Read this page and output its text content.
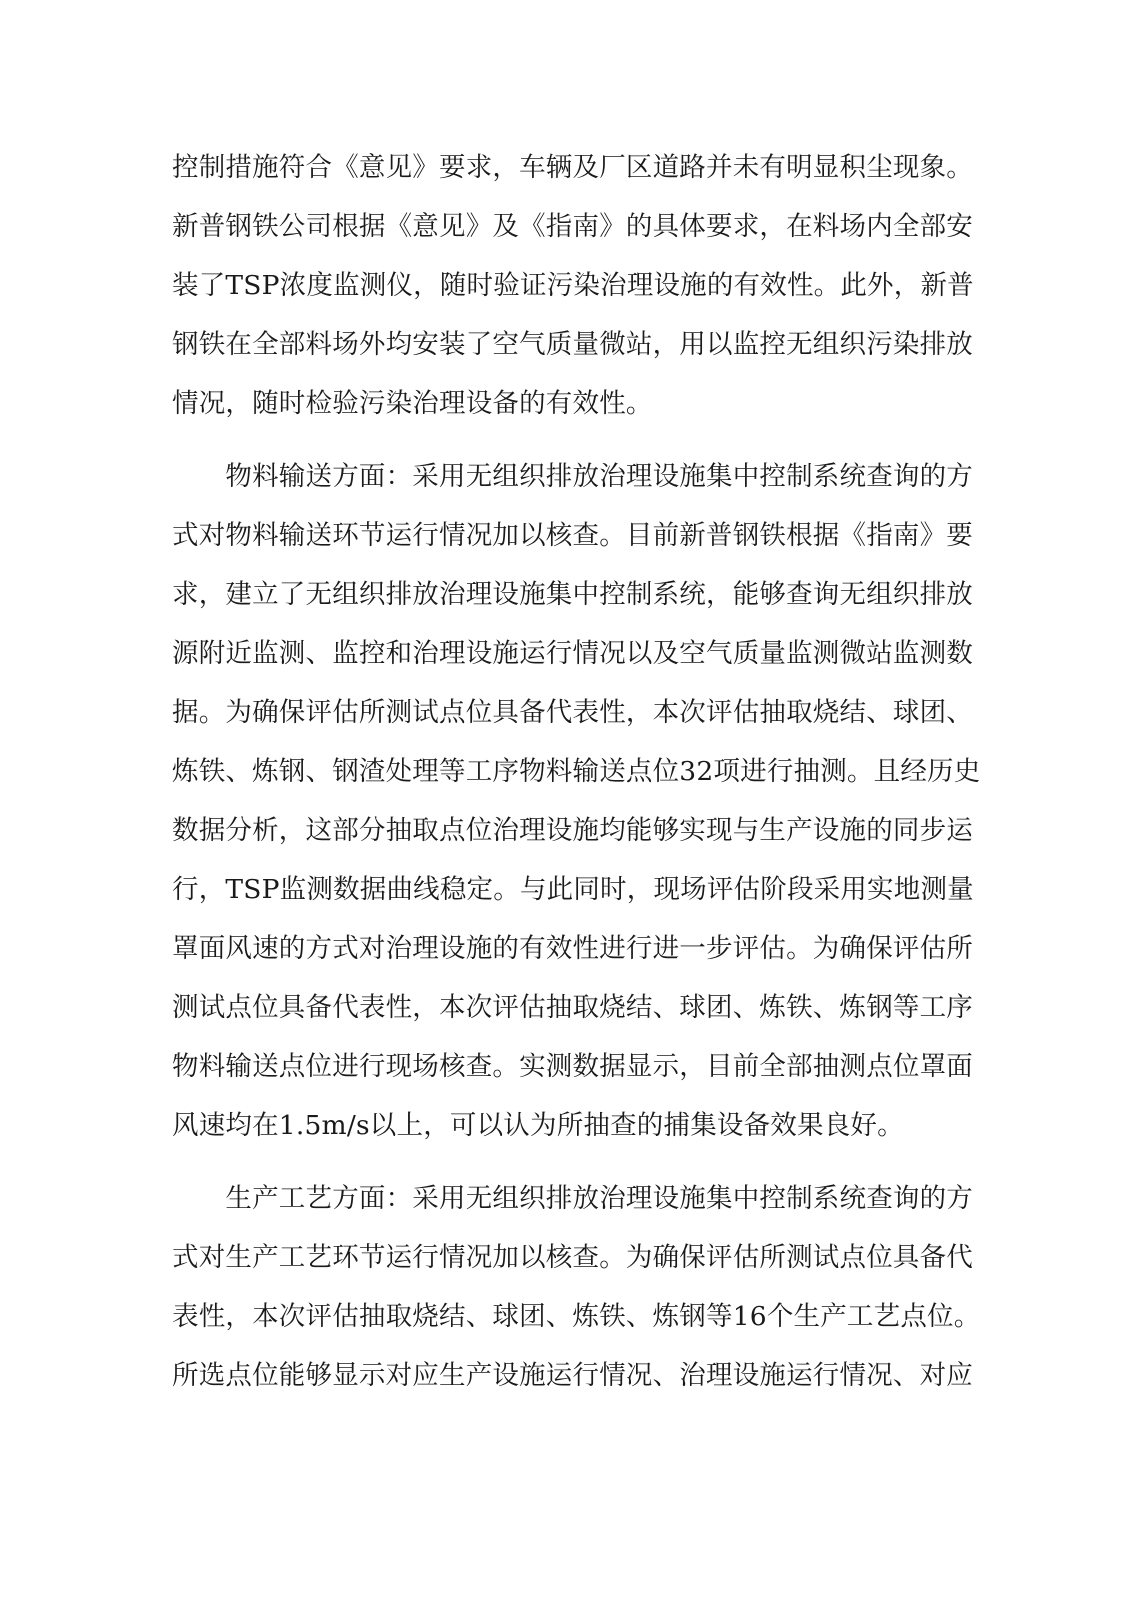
控制措施符合《意见》要求，车辆及厂区道路并未有明显积尘现象。
新普钢铁公司根据《意见》及《指南》的具体要求，在料场内全部安
装了TSP浓度监测仪，随时验证污染治理设施的有效性。此外，新普
钢铁在全部料场外均安装了空气质量微站，用以监控无组织污染排放
情况，随时检验污染治理设备的有效性。
　　物料输送方面：采用无组织排放治理设施集中控制系统查询的方
式对物料输送环节运行情况加以核查。目前新普钢铁根据《指南》要
求，建立了无组织排放治理设施集中控制系统，能够查询无组织排放
源附近监测、监控和治理设施运行情况以及空气质量监测微站监测数
据。为确保评估所测试点位具备代表性，本次评估抽取烧结、球团、
炼铁、炼钢、钢渣处理等工序物料输送点位32项进行抽测。且经历史
数据分析，这部分抽取点位治理设施均能够实现与生产设施的同步运
行，TSP监测数据曲线稳定。与此同时，现场评估阶段采用实地测量
罩面风速的方式对治理设施的有效性进行进一步评估。为确保评估所
测试点位具备代表性，本次评估抽取烧结、球团、炼铁、炼钢等工序
物料输送点位进行现场核查。实测数据显示，目前全部抽测点位罩面
风速均在1.5m/s以上，可以认为所抽查的捕集设备效果良好。
　　生产工艺方面：采用无组织排放治理设施集中控制系统查询的方
式对生产工艺环节运行情况加以核查。为确保评估所测试点位具备代
表性，本次评估抽取烧结、球团、炼铁、炼钢等16个生产工艺点位。
所选点位能够显示对应生产设施运行情况、治理设施运行情况、对应
